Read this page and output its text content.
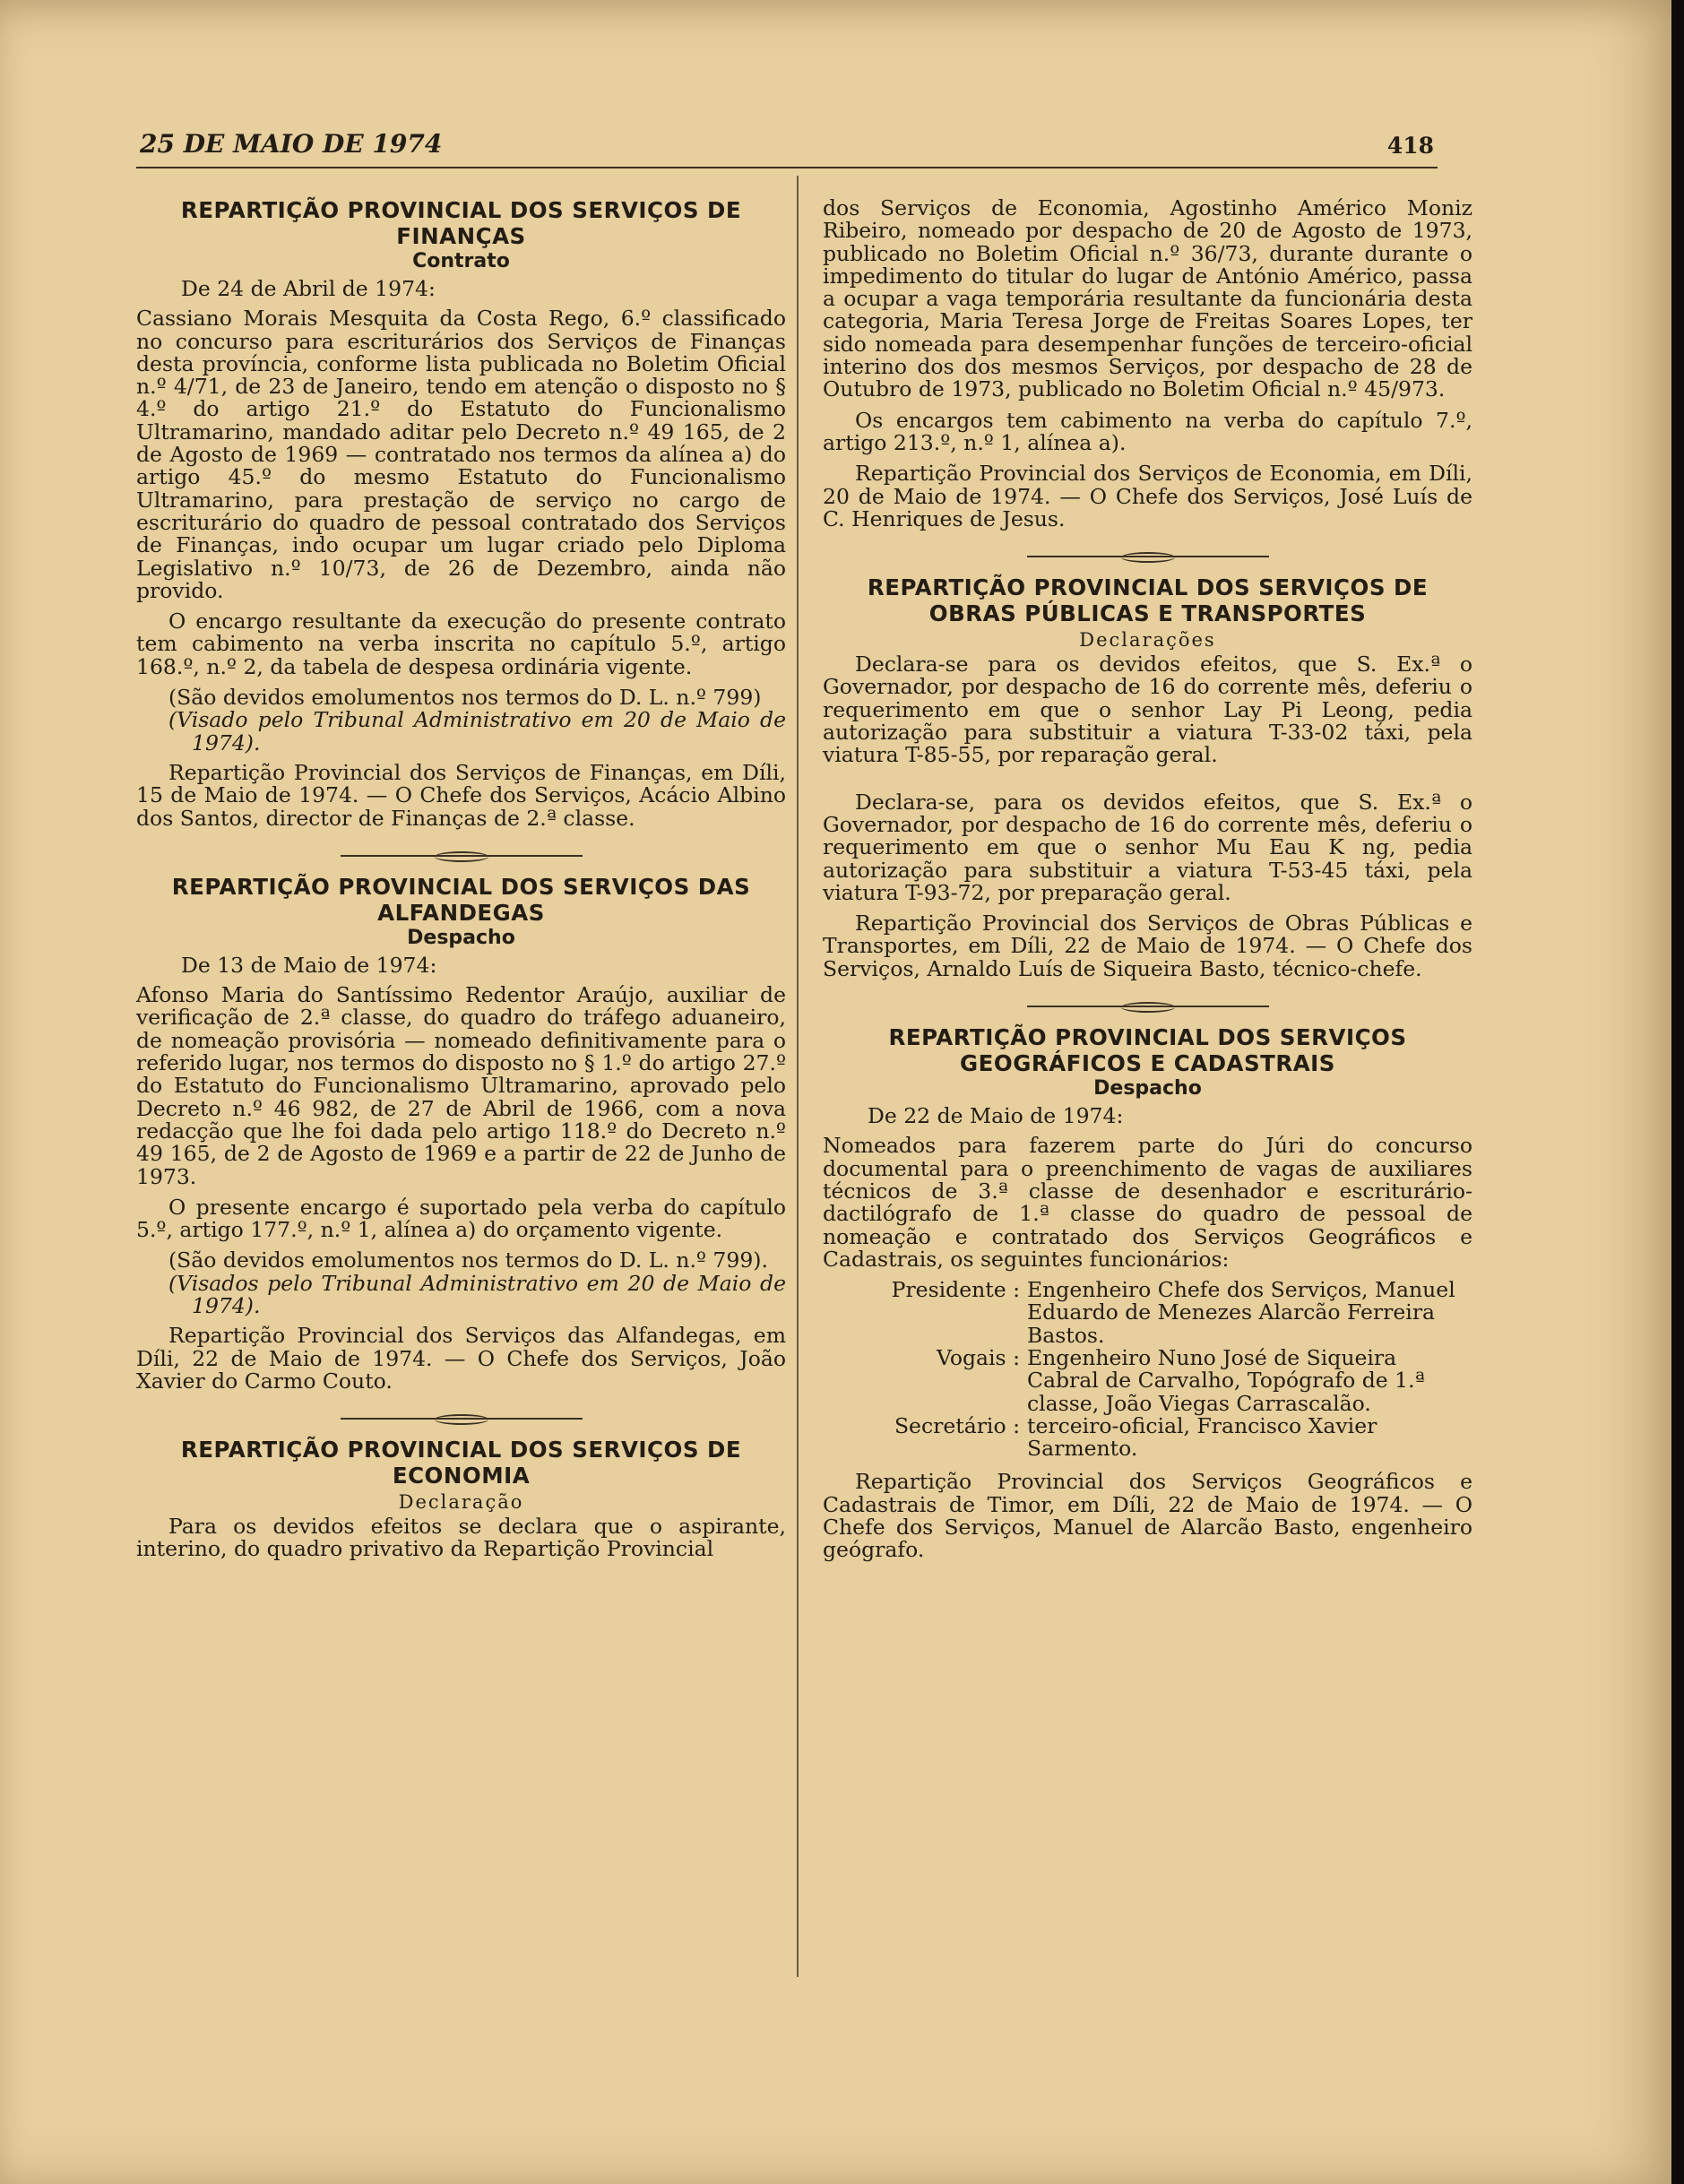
25 DE MAIO DE 1974	418
REPARTIÇÃO PROVINCIAL DOS SERVIÇOS DE FINANÇAS
Contrato

De 24 de Abril de 1974:

Cassiano Morais Mesquita da Costa Rego, 6.º classificado no concurso para escriturários dos Serviços de Finanças desta província, conforme lista publicada no Boletim Oficial n.º 4/71, de 23 de Janeiro, tendo em atenção o disposto no § 4.º do artigo 21.º do Estatuto do Funcionalismo Ultramarino, mandado aditar pelo Decreto n.º 49 165, de 2 de Agosto de 1969 — contratado nos termos da alínea a) do artigo 45.º do mesmo Estatuto do Funcionalismo Ultramarino, para prestação de serviço no cargo de escriturário do quadro de pessoal contratado dos Serviços de Finanças, indo ocupar um lugar criado pelo Diploma Legislativo n.º 10/73, de 26 de Dezembro, ainda não provido.

O encargo resultante da execução do presente contrato tem cabimento na verba inscrita no capítulo 5.º, artigo 168.º, n.º 2, da tabela de despesa ordinária vigente.

(São devidos emolumentos nos termos do D. L. n.º 799)

(Visado pelo Tribunal Administrativo em 20 de Maio de 1974).

Repartição Provincial dos Serviços de Finanças, em Díli, 15 de Maio de 1974. — O Chefe dos Serviços, Acácio Albino dos Santos, director de Finanças de 2.ª classe.

REPARTIÇÃO PROVINCIAL DOS SERVIÇOS DAS ALFANDEGAS
Despacho

De 13 de Maio de 1974:

Afonso Maria do Santíssimo Redentor Araújo, auxiliar de verificação de 2.ª classe, do quadro do tráfego aduaneiro, de nomeação provisória — nomeado definitivamente para o referido lugar, nos termos do disposto no § 1.º do artigo 27.º do Estatuto do Funcionalismo Ultramarino, aprovado pelo Decreto n.º 46 982, de 27 de Abril de 1966, com a nova redacção que lhe foi dada pelo artigo 118.º do Decreto n.º 49 165, de 2 de Agosto de 1969 e a partir de 22 de Junho de 1973.

O presente encargo é suportado pela verba do capítulo 5.º, artigo 177.º, n.º 1, alínea a) do orçamento vigente.

(São devidos emolumentos nos termos do D. L. n.º 799).

(Visados pelo Tribunal Administrativo em 20 de Maio de 1974).

Repartição Provincial dos Serviços das Alfandegas, em Díli, 22 de Maio de 1974. — O Chefe dos Serviços, João Xavier do Carmo Couto.

REPARTIÇÃO PROVINCIAL DOS SERVIÇOS DE ECONOMIA
Declaração

Para os devidos efeitos se declara que o aspirante, interino, do quadro privativo da Repartição Provincial

dos Serviços de Economia, Agostinho Américo Moniz Ribeiro, nomeado por despacho de 20 de Agosto de 1973, publicado no Boletim Oficial n.º 36/73, durante durante o impedimento do titular do lugar de António Américo, passa a ocupar a vaga temporária resultante da funcionária desta categoria, Maria Teresa Jorge de Freitas Soares Lopes, ter sido nomeada para desempenhar funções de terceiro-oficial interino dos dos mesmos Serviços, por despacho de 28 de Outubro de 1973, publicado no Boletim Oficial n.º 45/973.

Os encargos tem cabimento na verba do capítulo 7.º, artigo 213.º, n.º 1, alínea a).

Repartição Provincial dos Serviços de Economia, em Díli, 20 de Maio de 1974. — O Chefe dos Serviços, José Luís de C. Henriques de Jesus.

REPARTIÇÃO PROVINCIAL DOS SERVIÇOS DE OBRAS PÚBLICAS E TRANSPORTES
Declarações

Declara-se para os devidos efeitos, que S. Ex.ª o Governador, por despacho de 16 do corrente mês, deferiu o requerimento em que o senhor Lay Pi Leong, pedia autorização para substituir a viatura T-33-02 táxi, pela viatura T-85-55, por reparação geral.

Declara-se, para os devidos efeitos, que S. Ex.ª o Governador, por despacho de 16 do corrente mês, deferiu o requerimento em que o senhor Mu Eau K ng, pedia autorização para substituir a viatura T-53-45 táxi, pela viatura T-93-72, por preparação geral.

Repartição Provincial dos Serviços de Obras Públicas e Transportes, em Díli, 22 de Maio de 1974. — O Chefe dos Serviços, Arnaldo Luís de Siqueira Basto, técnico-chefe.

REPARTIÇÃO PROVINCIAL DOS SERVIÇOS GEOGRÁFICOS E CADASTRAIS
Despacho

De 22 de Maio de 1974:

Nomeados para fazerem parte do Júri do concurso documental para o preenchimento de vagas de auxiliares técnicos de 3.ª classe de desenhador e escriturário-dactilógrafo de 1.ª classe do quadro de pessoal de nomeação e contratado dos Serviços Geográficos e Cadastrais, os seguintes funcionários:

Presidente : Engenheiro Chefe dos Serviços, Manuel Eduardo de Menezes Alarcão Ferreira Bastos.
Vogais : Engenheiro Nuno José de Siqueira Cabral de Carvalho, Topógrafo de 1.ª classe, João Viegas Carrascalão.
Secretário : terceiro-oficial, Francisco Xavier Sarmento.

Repartição Provincial dos Serviços Geográficos e Cadastrais de Timor, em Díli, 22 de Maio de 1974. — O Chefe dos Serviços, Manuel de Alarcão Basto, engenheiro geógrafo.
